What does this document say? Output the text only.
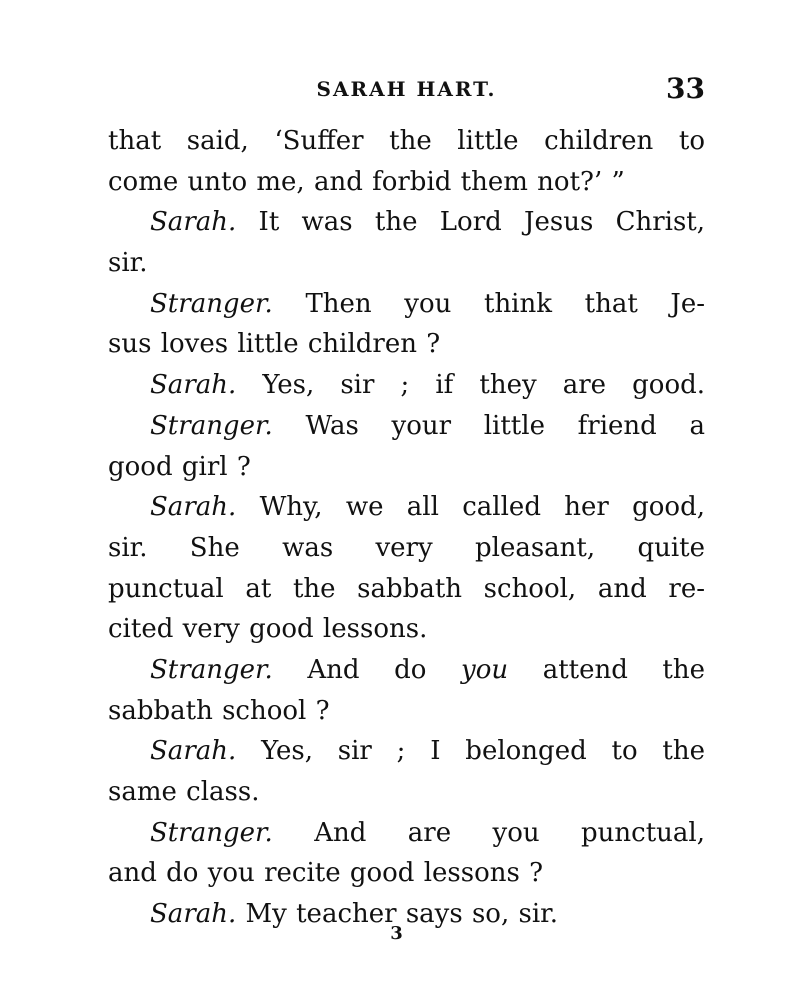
SARAH HART.	33
that said, ‘Suffer the little children to
come unto me, and forbid them not?’ ”
Sarah. It was the Lord Jesus Christ,
sir.
Stranger. Then you think that Je-
sus loves little children ?
Sarah. Yes, sir ; if they are good.
Stranger. Was your little friend a
good girl ?
Sarah. Why, we all called her good,
sir. She was very pleasant, quite
punctual at the sabbath school, and re-
cited very good lessons.
Stranger. And do you attend the
sabbath school ?
Sarah. Yes, sir ; I belonged to the
same class.
Stranger. And are you punctual,
and do you recite good lessons ?
Sarah. My teacher says so, sir.
3
